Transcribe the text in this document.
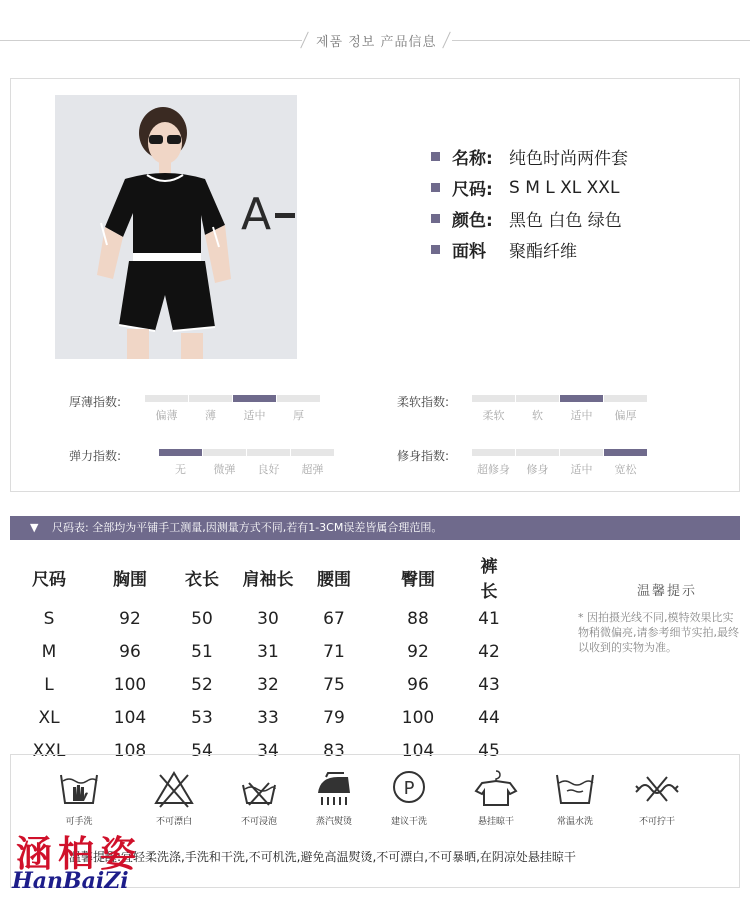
제품 정보 产品信息
A
名称: 纯色时尚两件套
尺码: S M L XL XXL
颜色: 黑色 白色 绿色
面料	聚酯纤维
厚薄指数:
偏薄	薄	适中	厚
弹力指数:
无	微弹	良好	超弹
柔软指数:
柔软	软	适中	偏厚
修身指数:
超修身	修身	适中	宽松
▼ 尺码表: 全部均为平铺手工测量,因测量方式不同,若有1-3CM误差皆属合理范围。
尺码	胸围	衣长	肩袖长	腰围	臀围	裤长
S	92	50	30	67	88	41
M	96	51	31	71	92	42
L	100	52	32	75	96	43
XL	104	53	33	79	100	44
XXL	108	54	34	83	104	45
温馨提示
* 因拍摄光线不同,模特效果比实物稍微偏亮,请参考细节实拍,最终以收到的实物为准。
可手洗	不可漂白	不可浸泡	蒸汽熨烫
P
建议干洗	悬挂晾干	常温水洗	不可拧干
温馨提醒:宜轻柔洗涤,手洗和干洗,不可机洗,避免高温熨烫,不可漂白,不可暴晒,在阴凉处悬挂晾干
涵柏姿
HanBaiZi
